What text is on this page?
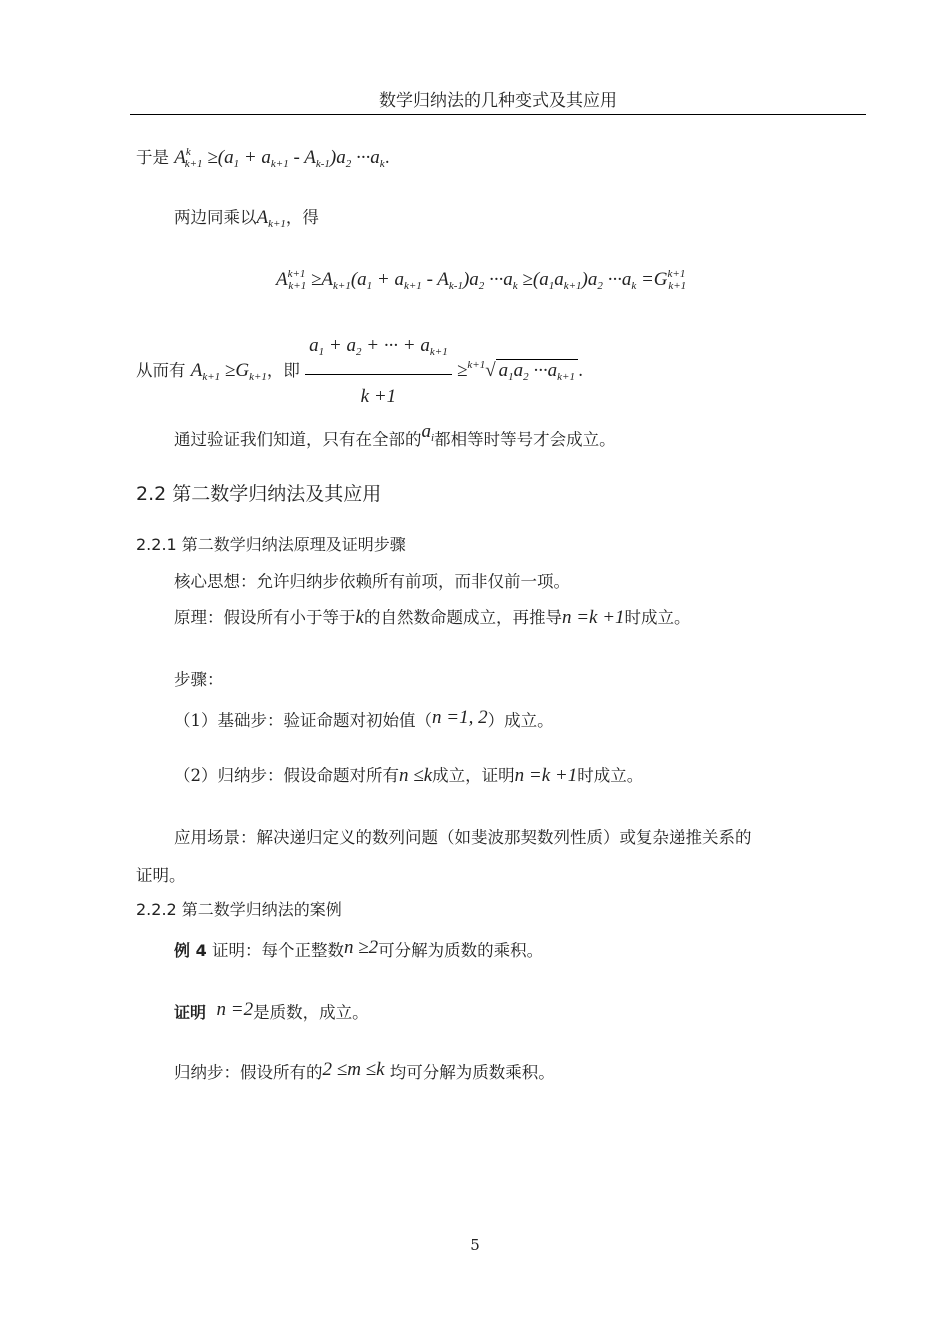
数学归纳法的几种变式及其应用
于是 $A^k_{k+1} \ge(a_1 + a_{k+1} - A_{k-1})a_2 \cdot\cdot\cdot a_k$.
两边同乘以$A_{k+1}$，得
$A^{k+1}_{k+1} \ge A_{k+1}(a_1 + a_{k+1} - A_{k-1})a_2 \cdot\cdot\cdot a_k \ge(a_1a_{k+1})a_2 \cdot\cdot\cdot a_k =G^{k+1}_{k+1}$
从而有 $A_{k+1} \ge G_{k+1}$，即 $\frac{a_1 + a_2 + \cdot\cdot\cdot + a_{k+1}}{k +1} \ge^{k+1}√$ $a_1a_2 \cdot\cdot\cdot a_{k+1}$ .
通过验证我们知道，只有在全部的$a_i$都相等时等号才会成立。
2.2 第二数学归纳法及其应用
2.2.1 第二数学归纳法原理及证明步骤
核心思想：允许归纳步依赖所有前项，而非仅前一项。
原理：假设所有小于等于k的自然数命题成立，再推导n =k +1时成立。
步骤：
（1）基础步：验证命题对初始值（n =1, 2）成立。
（2）归纳步：假设命题对所有n ≤k成立，证明n =k +1时成立。
应用场景：解决递归定义的数列问题（如斐波那契数列性质）或复杂递推关系的
证明。
2.2.2 第二数学归纳法的案例
例 4 证明：每个正整数n ≥2可分解为质数的乘积。
证明 n =2是质数，成立。
归纳步：假设所有的2 ≤m ≤k 均可分解为质数乘积。
5
